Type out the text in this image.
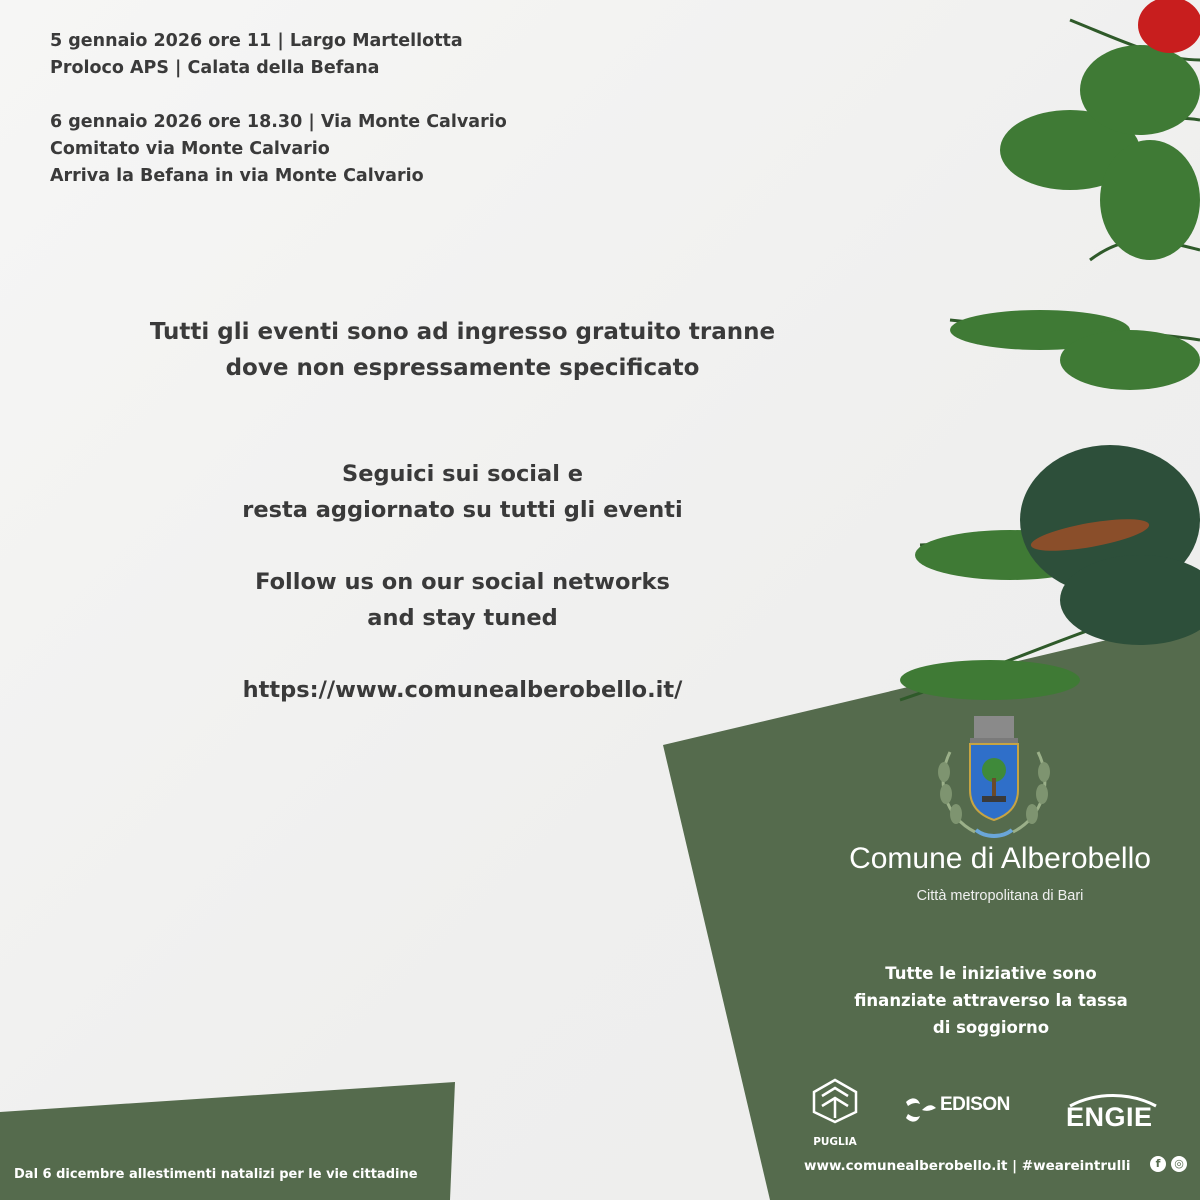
5 gennaio 2026 ore 11 | Largo Martellotta
Proloco APS | Calata della Befana
6 gennaio 2026 ore 18.30 | Via Monte Calvario
Comitato via Monte Calvario
Arriva la Befana in via Monte Calvario
Tutti gli eventi sono ad ingresso gratuito tranne
dove non espressamente specificato
Seguici sui social e
resta aggiornato su tutti gli eventi
Follow us on our social networks
and stay tuned
https://www.comunealberobello.it/
Comune di Alberobello
Città metropolitana di Bari
Tutte le iniziative sono
finanziate attraverso la tassa
di soggiorno
PUGLIA
EDISON ENGIE
www.comunealberobello.it | #weareintrulli	f	◎
Dal 6 dicembre allestimenti natalizi per le vie cittadine
